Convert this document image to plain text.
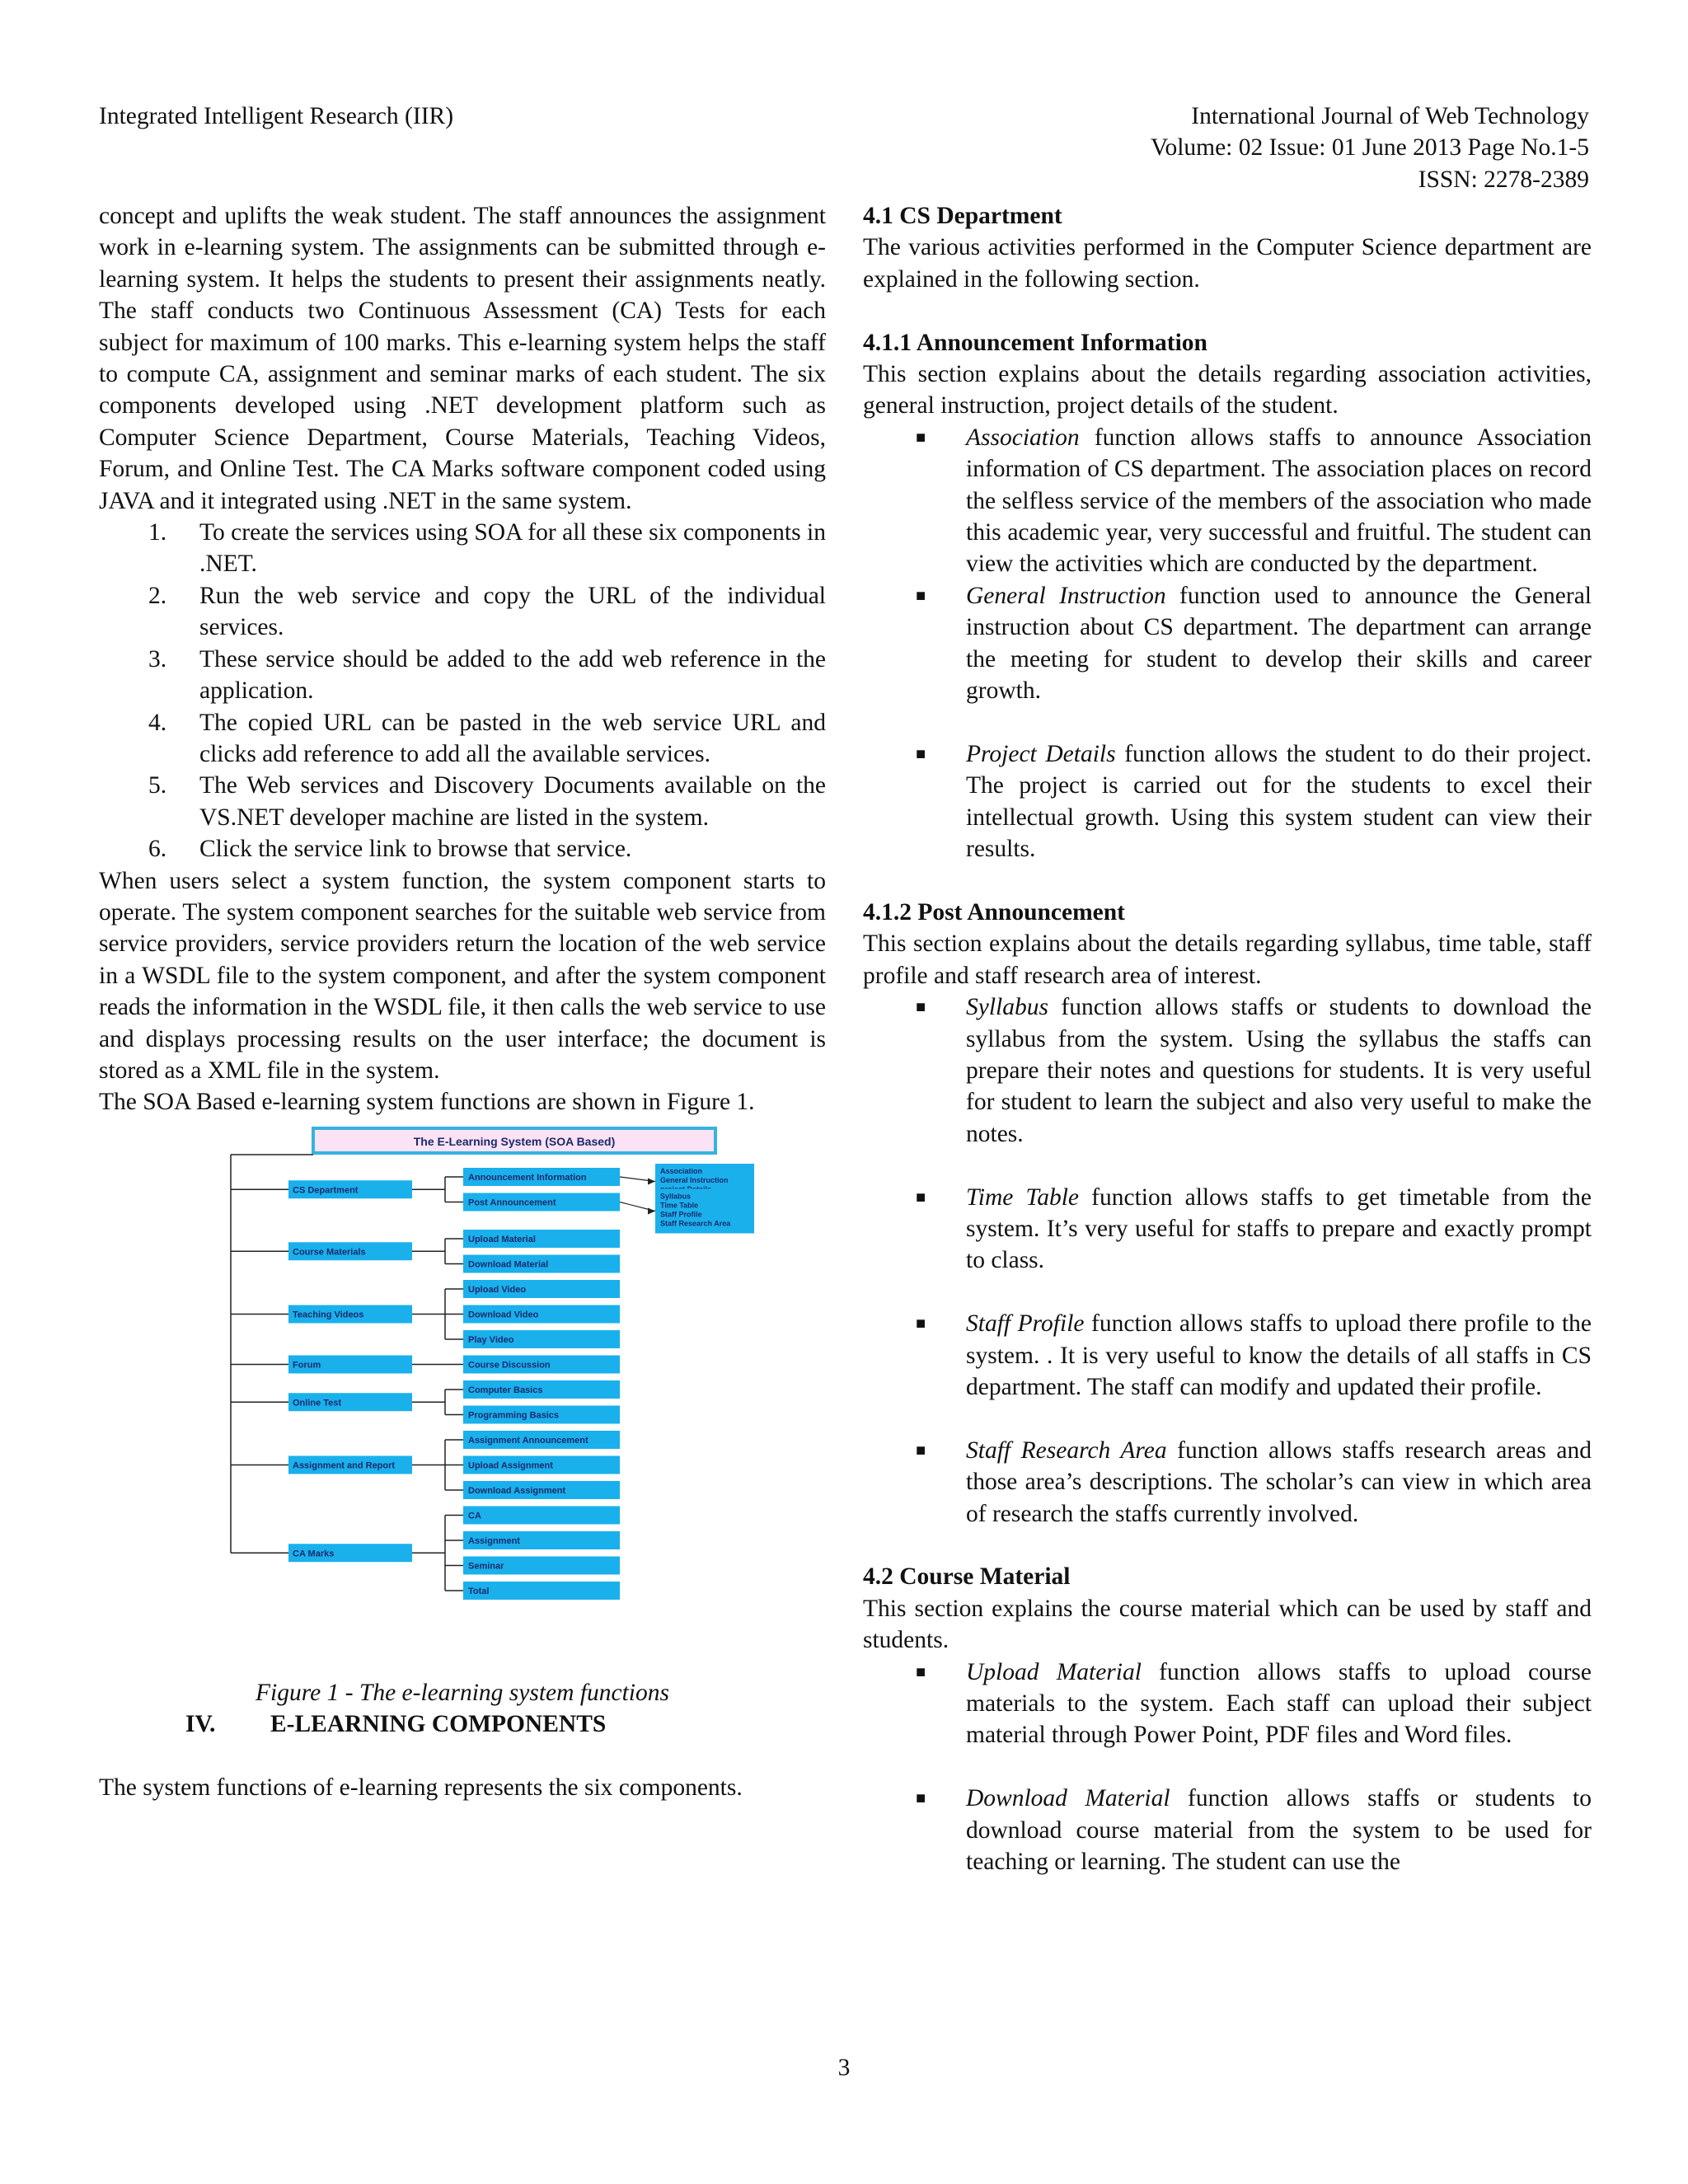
Integrated Intelligent Research (IIR)	International Journal of Web Technology
Volume: 02 Issue: 01 June 2013 Page No.1-5
ISSN: 2278-2389

concept and uplifts the weak student. The staff announces the assignment work in e-learning system. The assignments can be submitted through e-learning system. It helps the students to present their assignments neatly. The staff conducts two Continuous Assessment (CA) Tests for each subject for maximum of 100 marks. This e-learning system helps the staff to compute CA, assignment and seminar marks of each student. The six components developed using .NET development platform such as Computer Science Department, Course Materials, Teaching Videos, Forum, and Online Test. The CA Marks software component coded using JAVA and it integrated using .NET in the same system.

1. To create the services using SOA for all these six components in .NET.
2. Run the web service and copy the URL of the individual services.
3. These service should be added to the add web reference in the application.
4. The copied URL can be pasted in the web service URL and clicks add reference to add all the available services.
5. The Web services and Discovery Documents available on the VS.NET developer machine are listed in the system.
6. Click the service link to browse that service.

When users select a system function, the system component starts to operate. The system component searches for the suitable web service from service providers, service providers return the location of the web service in a WSDL file to the system component, and after the system component reads the information in the WSDL file, it then calls the web service to use and displays processing results on the user interface; the document is stored as a XML file in the system.

The SOA Based e-learning system functions are shown in Figure 1.

The E-Learning System (SOA Based)
CS Department
Announcement Information
Association
General Instruction
Post Announcement
Syllabus
Time Table
Staff Profile
Staff Research Area
Course Materials
Upload Material
Download Material
Teaching Videos
Upload Video
Download Video
Play Video
Forum	Course Discussion
Online Test
Computer Basics
Programming Basics
Assignment and Report
Assignment Announcement
Upload Assignment
Download Assignment
CA Marks
CA
Assignment
Seminar
Total

Figure 1 - The e-learning system functions

IV. E-LEARNING COMPONENTS

The system functions of e-learning represents the six components.

4.1 CS Department

The various activities performed in the Computer Science department are explained in the following section.

4.1.1 Announcement Information

This section explains about the details regarding association activities, general instruction, project details of the student.

■ Association function allows staffs to announce Association information of CS department. The association places on record the selfless service of the members of the association who made this academic year, very successful and fruitful. The student can view the activities which are conducted by the department.
■ General Instruction function used to announce the General instruction about CS department. The department can arrange the meeting for student to develop their skills and career growth.
■ Project Details function allows the student to do their project. The project is carried out for the students to excel their intellectual growth. Using this system student can view their results.

4.1.2 Post Announcement

This section explains about the details regarding syllabus, time table, staff profile and staff research area of interest.

■ Syllabus function allows staffs or students to download the syllabus from the system. Using the syllabus the staffs can prepare their notes and questions for students. It is very useful for student to learn the subject and also very useful to make the notes.
■ Time Table function allows staffs to get timetable from the system. It’s very useful for staffs to prepare and exactly prompt to class.
■ Staff Profile function allows staffs to upload there profile to the system. . It is very useful to know the details of all staffs in CS department. The staff can modify and updated their profile.
■ Staff Research Area function allows staffs research areas and those area’s descriptions. The scholar’s can view in which area of research the staffs currently involved.

4.2 Course Material

This section explains the course material which can be used by staff and students.

■ Upload Material function allows staffs to upload course materials to the system. Each staff can upload their subject material through Power Point, PDF files and Word files.
■ Download Material function allows staffs or students to download course material from the system to be used for teaching or learning. The student can use the
3
